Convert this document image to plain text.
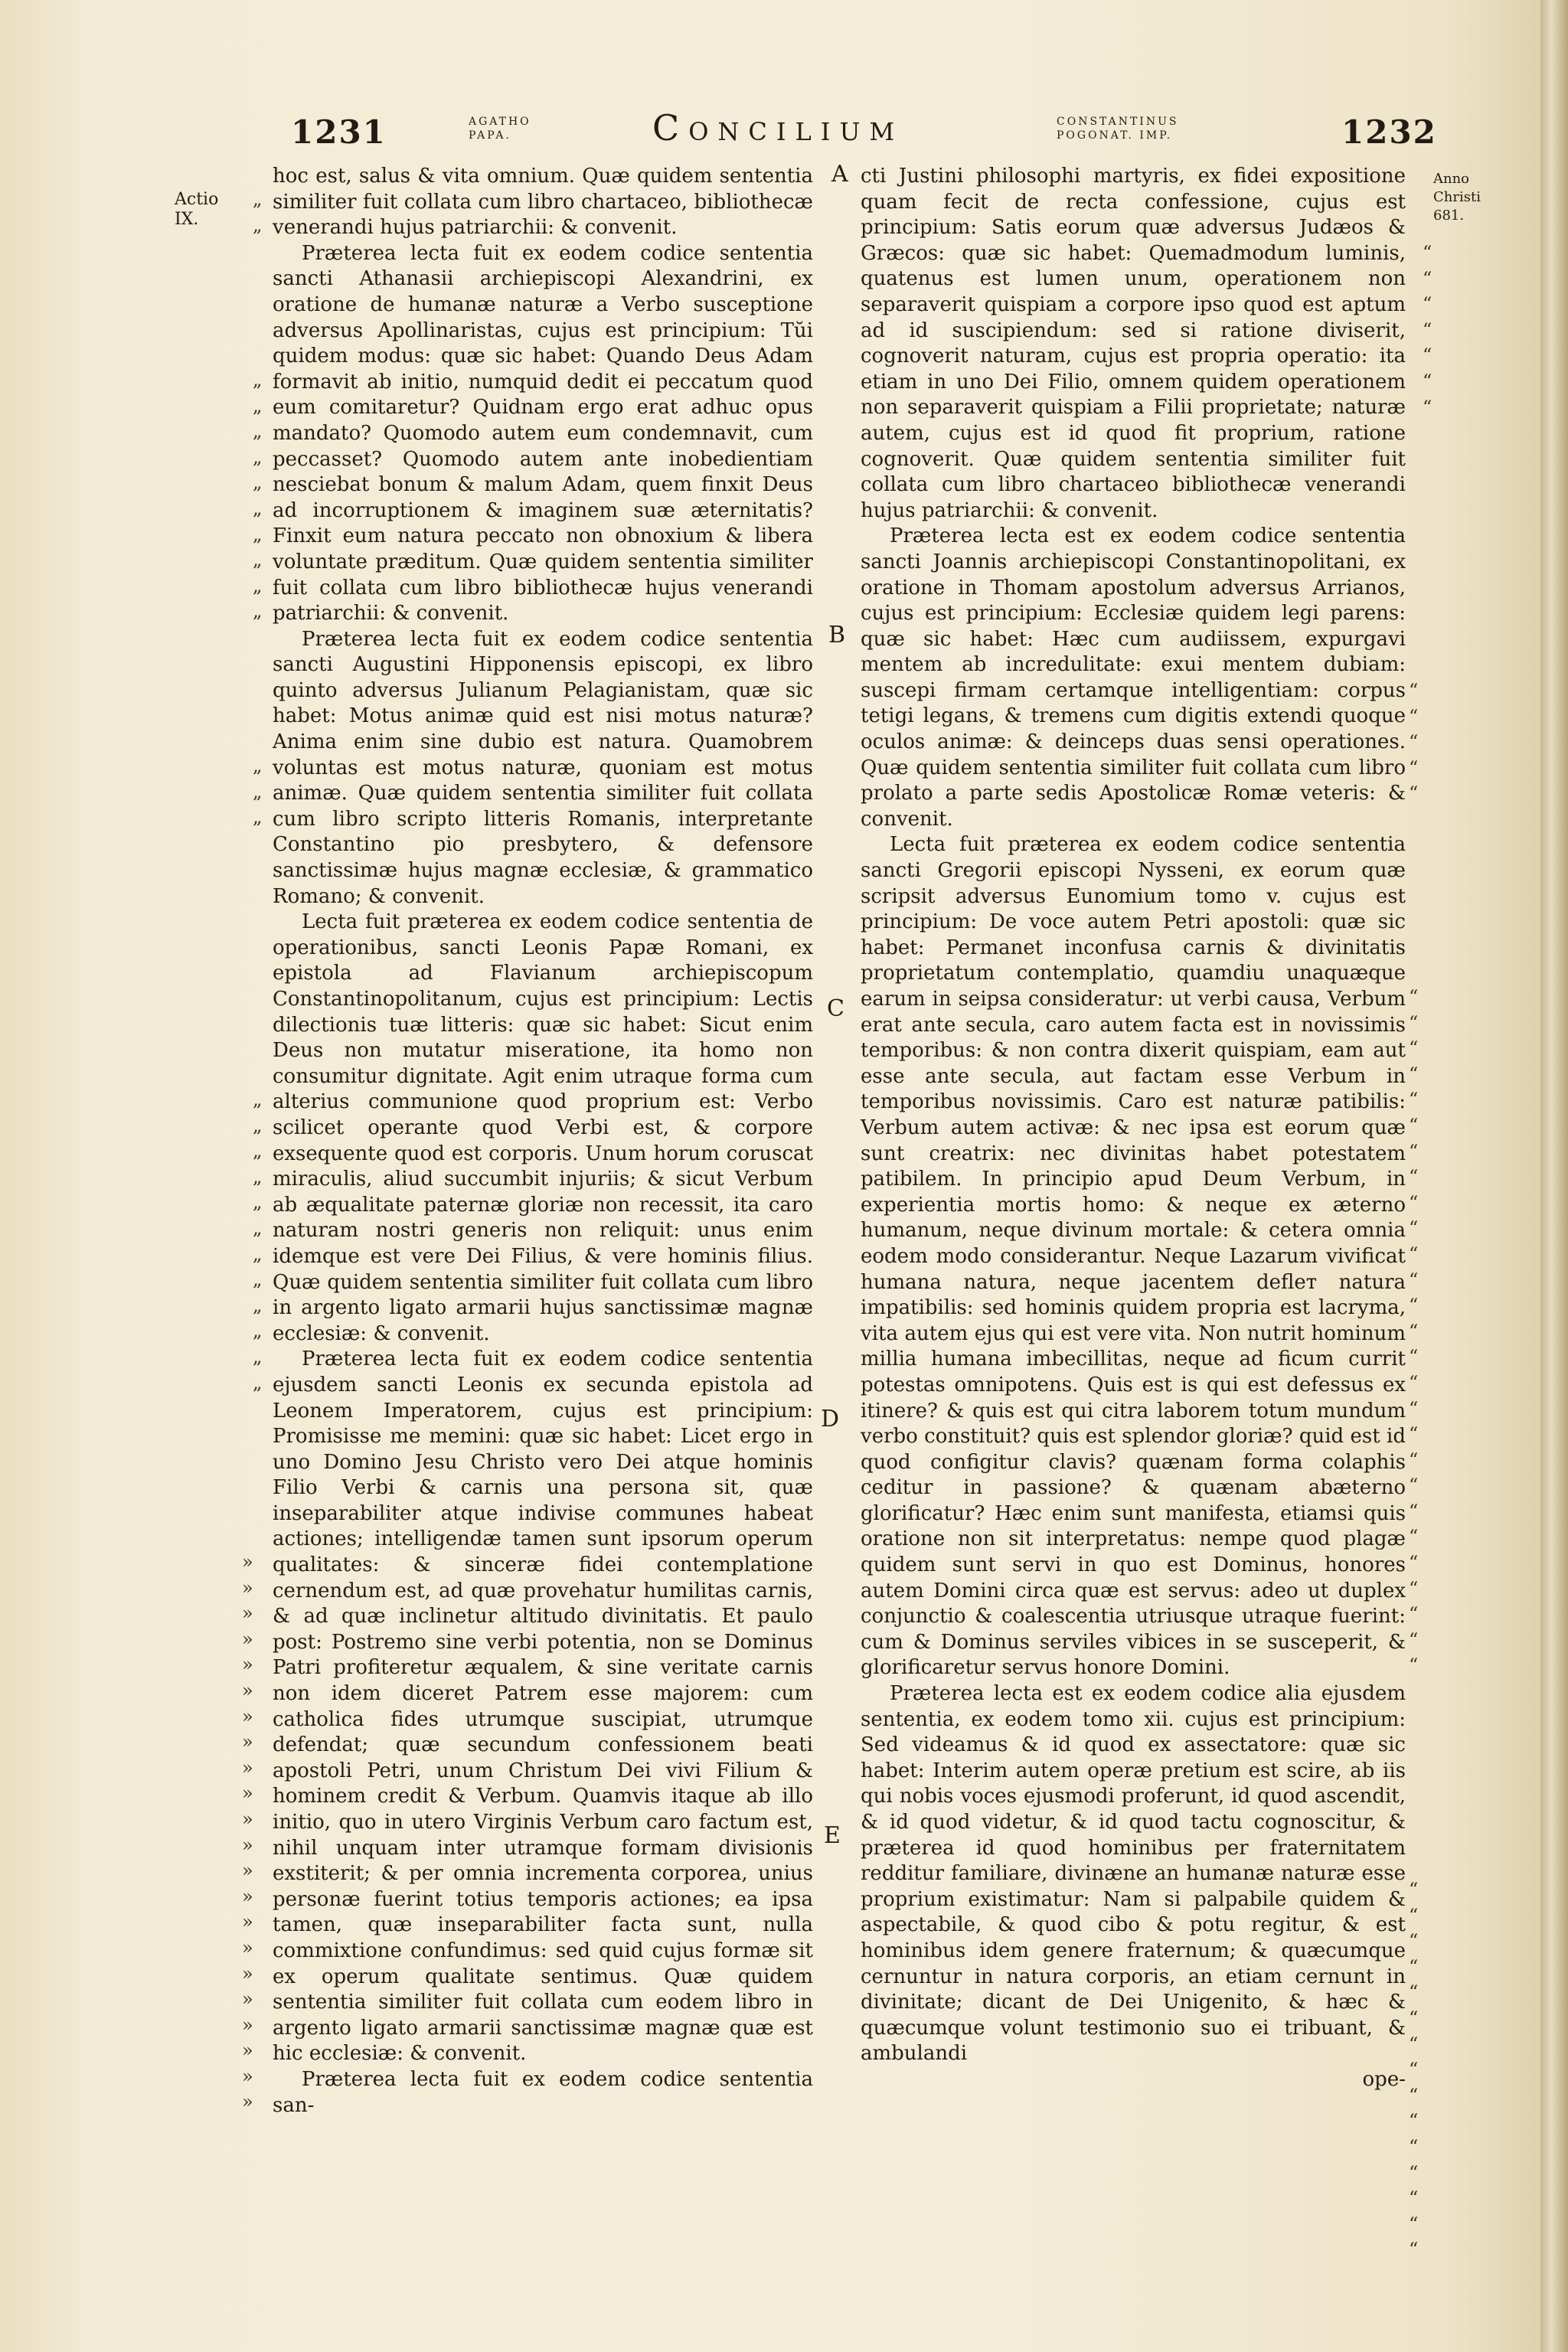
1231	AGATHO
PAPA.	Concilium	CONSTANTINUS
POGONAT. IMP.	1232
Actio
IX.
Anno
Christi
681.
A
B
C
D
E
„
„
„
„
„
„
„
„
„
„
„
„
„
„
„
„
„
„
„
„
„
„
„
„
„
„
„
»
»
»
»
»
»
»
»
»
»
»
»
»
»
»
»
»
»
»
»
»
»
“
“
“
“
“
“
“
“
“
“
“
“
“
“
“
“
“
“
“
“
“
“
“
“
“
“
“
“
“
“
“
“
“
“
“
“
“
“
“
“
“
“
“
“
“
“
“
“
“
“
“
“
“
“

hoc est, salus & vita omnium. Quæ quidem sententia similiter fuit collata cum libro chartaceo, bibliothecæ venerandi hujus patriarchii: & convenit.

Præterea lecta fuit ex eodem codice sententia sancti Athanasii archiepiscopi Alexandrini, ex oratione de humanæ naturæ a Verbo susceptione adversus Apollinaristas, cujus est principium: Tŭi quidem modus: quæ sic habet: Quando Deus Adam formavit ab initio, numquid dedit ei peccatum quod eum comitaretur? Quidnam ergo erat adhuc opus mandato? Quomodo autem eum condemnavit, cum peccasset? Quomodo autem ante inobedientiam nesciebat bonum & malum Adam, quem finxit Deus ad incorruptionem & imaginem suæ æternitatis? Finxit eum natura peccato non obnoxium & libera voluntate præditum. Quæ quidem sententia similiter fuit collata cum libro bibliothecæ hujus venerandi patriarchii: & convenit.

Præterea lecta fuit ex eodem codice sententia sancti Augustini Hipponensis episcopi, ex libro quinto adversus Julianum Pelagianistam, quæ sic habet: Motus animæ quid est nisi motus naturæ? Anima enim sine dubio est natura. Quamobrem voluntas est motus naturæ, quoniam est motus animæ. Quæ quidem sententia similiter fuit collata cum libro scripto litteris Romanis, interpretante Constantino pio presbytero, & defensore sanctissimæ hujus magnæ ecclesiæ, & grammatico Romano; & convenit.

Lecta fuit præterea ex eodem codice sententia de operationibus, sancti Leonis Papæ Romani, ex epistola ad Flavianum archiepiscopum Constantinopolitanum, cujus est principium: Lectis dilectionis tuæ litteris: quæ sic habet: Sicut enim Deus non mutatur miseratione, ita homo non consumitur dignitate. Agit enim utraque forma cum alterius communione quod proprium est: Verbo scilicet operante quod Verbi est, & corpore exsequente quod est corporis. Unum horum coruscat miraculis, aliud succumbit injuriis; & sicut Verbum ab æqualitate paternæ gloriæ non recessit, ita caro naturam nostri generis non reliquit: unus enim idemque est vere Dei Filius, & vere hominis filius. Quæ quidem sententia similiter fuit collata cum libro in argento ligato armarii hujus sanctissimæ magnæ ecclesiæ: & convenit.

Præterea lecta fuit ex eodem codice sententia ejusdem sancti Leonis ex secunda epistola ad Leonem Imperatorem, cujus est principium: Promisisse me memini: quæ sic habet: Licet ergo in uno Domino Jesu Christo vero Dei atque hominis Filio Verbi & carnis una persona sit, quæ inseparabiliter atque indivise communes habeat actiones; intelligendæ tamen sunt ipsorum operum qualitates: & sinceræ fidei contemplatione cernendum est, ad quæ provehatur humilitas carnis, & ad quæ inclinetur altitudo divinitatis. Et paulo post: Postremo sine verbi potentia, non se Dominus Patri profiteretur æqualem, & sine veritate carnis non idem diceret Patrem esse majorem: cum catholica fides utrumque suscipiat, utrumque defendat; quæ secundum confessionem beati apostoli Petri, unum Christum Dei vivi Filium & hominem credit & Verbum. Quamvis itaque ab illo initio, quo in utero Virginis Verbum caro factum est, nihil unquam inter utramque formam divisionis exstiterit; & per omnia incrementa corporea, unius personæ fuerint totius temporis actiones; ea ipsa tamen, quæ inseparabiliter facta sunt, nulla commixtione confundimus: sed quid cujus formæ sit ex operum qualitate sentimus. Quæ quidem sententia similiter fuit collata cum eodem libro in argento ligato armarii sanctissimæ magnæ quæ est hic ecclesiæ: & convenit.

Præterea lecta fuit ex eodem codice sententia san-

cti Justini philosophi martyris, ex fidei expositione quam fecit de recta confessione, cujus est principium: Satis eorum quæ adversus Judæos & Græcos: quæ sic habet: Quemadmodum luminis, quatenus est lumen unum, operationem non separaverit quispiam a corpore ipso quod est aptum ad id suscipiendum: sed si ratione diviserit, cognoverit naturam, cujus est propria operatio: ita etiam in uno Dei Filio, omnem quidem operationem non separaverit quispiam a Filii proprietate; naturæ autem, cujus est id quod fit proprium, ratione cognoverit. Quæ quidem sententia similiter fuit collata cum libro chartaceo bibliothecæ venerandi hujus patriarchii: & convenit.

Præterea lecta est ex eodem codice sententia sancti Joannis archiepiscopi Constantinopolitani, ex oratione in Thomam apostolum adversus Arrianos, cujus est principium: Ecclesiæ quidem legi parens: quæ sic habet: Hæc cum audiissem, expurgavi mentem ab incredulitate: exui mentem dubiam: suscepi firmam certamque intelligentiam: corpus tetigi legans, & tremens cum digitis extendi quoque oculos animæ: & deinceps duas sensi operationes. Quæ quidem sententia similiter fuit collata cum libro prolato a parte sedis Apostolicæ Romæ veteris: & convenit.

Lecta fuit præterea ex eodem codice sententia sancti Gregorii episcopi Nysseni, ex eorum quæ scripsit adversus Eunomium tomo v. cujus est principium: De voce autem Petri apostoli: quæ sic habet: Permanet inconfusa carnis & divinitatis proprietatum contemplatio, quamdiu unaquæque earum in seipsa consideratur: ut verbi causa, Verbum erat ante secula, caro autem facta est in novissimis temporibus: & non contra dixerit quispiam, eam aut esse ante secula, aut factam esse Verbum in temporibus novissimis. Caro est naturæ patibilis: Verbum autem activæ: & nec ipsa est eorum quæ sunt creatrix: nec divinitas habet potestatem patibilem. In principio apud Deum Verbum, in experientia mortis homo: & neque ex æterno humanum, neque divinum mortale: & cetera omnia eodem modo considerantur. Neque Lazarum vivificat humana natura, neque jacentem defleт natura impatibilis: sed hominis quidem propria est lacryma, vita autem ejus qui est vere vita. Non nutrit hominum millia humana imbecillitas, neque ad ficum currit potestas omnipotens. Quis est is qui est defessus ex itinere? & quis est qui citra laborem totum mundum verbo constituit? quis est splendor gloriæ? quid est id quod configitur clavis? quænam forma colaphis ceditur in passione? & quænam abæterno glorificatur? Hæc enim sunt manifesta, etiamsi quis oratione non sit interpretatus: nempe quod plagæ quidem sunt servi in quo est Dominus, honores autem Domini circa quæ est servus: adeo ut duplex conjunctio & coalescentia utriusque utraque fuerint: cum & Dominus serviles vibices in se susceperit, & glorificaretur servus honore Domini.

Præterea lecta est ex eodem codice alia ejusdem sententia, ex eodem tomo xii. cujus est principium: Sed videamus & id quod ex assectatore: quæ sic habet: Interim autem operæ pretium est scire, ab iis qui nobis voces ejusmodi proferunt, id quod ascendit, & id quod videtur, & id quod tactu cognoscitur, & præterea id quod hominibus per fraternitatem redditur familiare, divinæne an humanæ naturæ esse proprium existimatur: Nam si palpabile quidem & aspectabile, & quod cibo & potu regitur, & est hominibus idem genere fraternum; & quæcumque cernuntur in natura corporis, an etiam cernunt in divinitate; dicant de Dei Unigenito, & hæc & quæcumque volunt testimonio suo ei tribuant, & ambulandi

ope-
